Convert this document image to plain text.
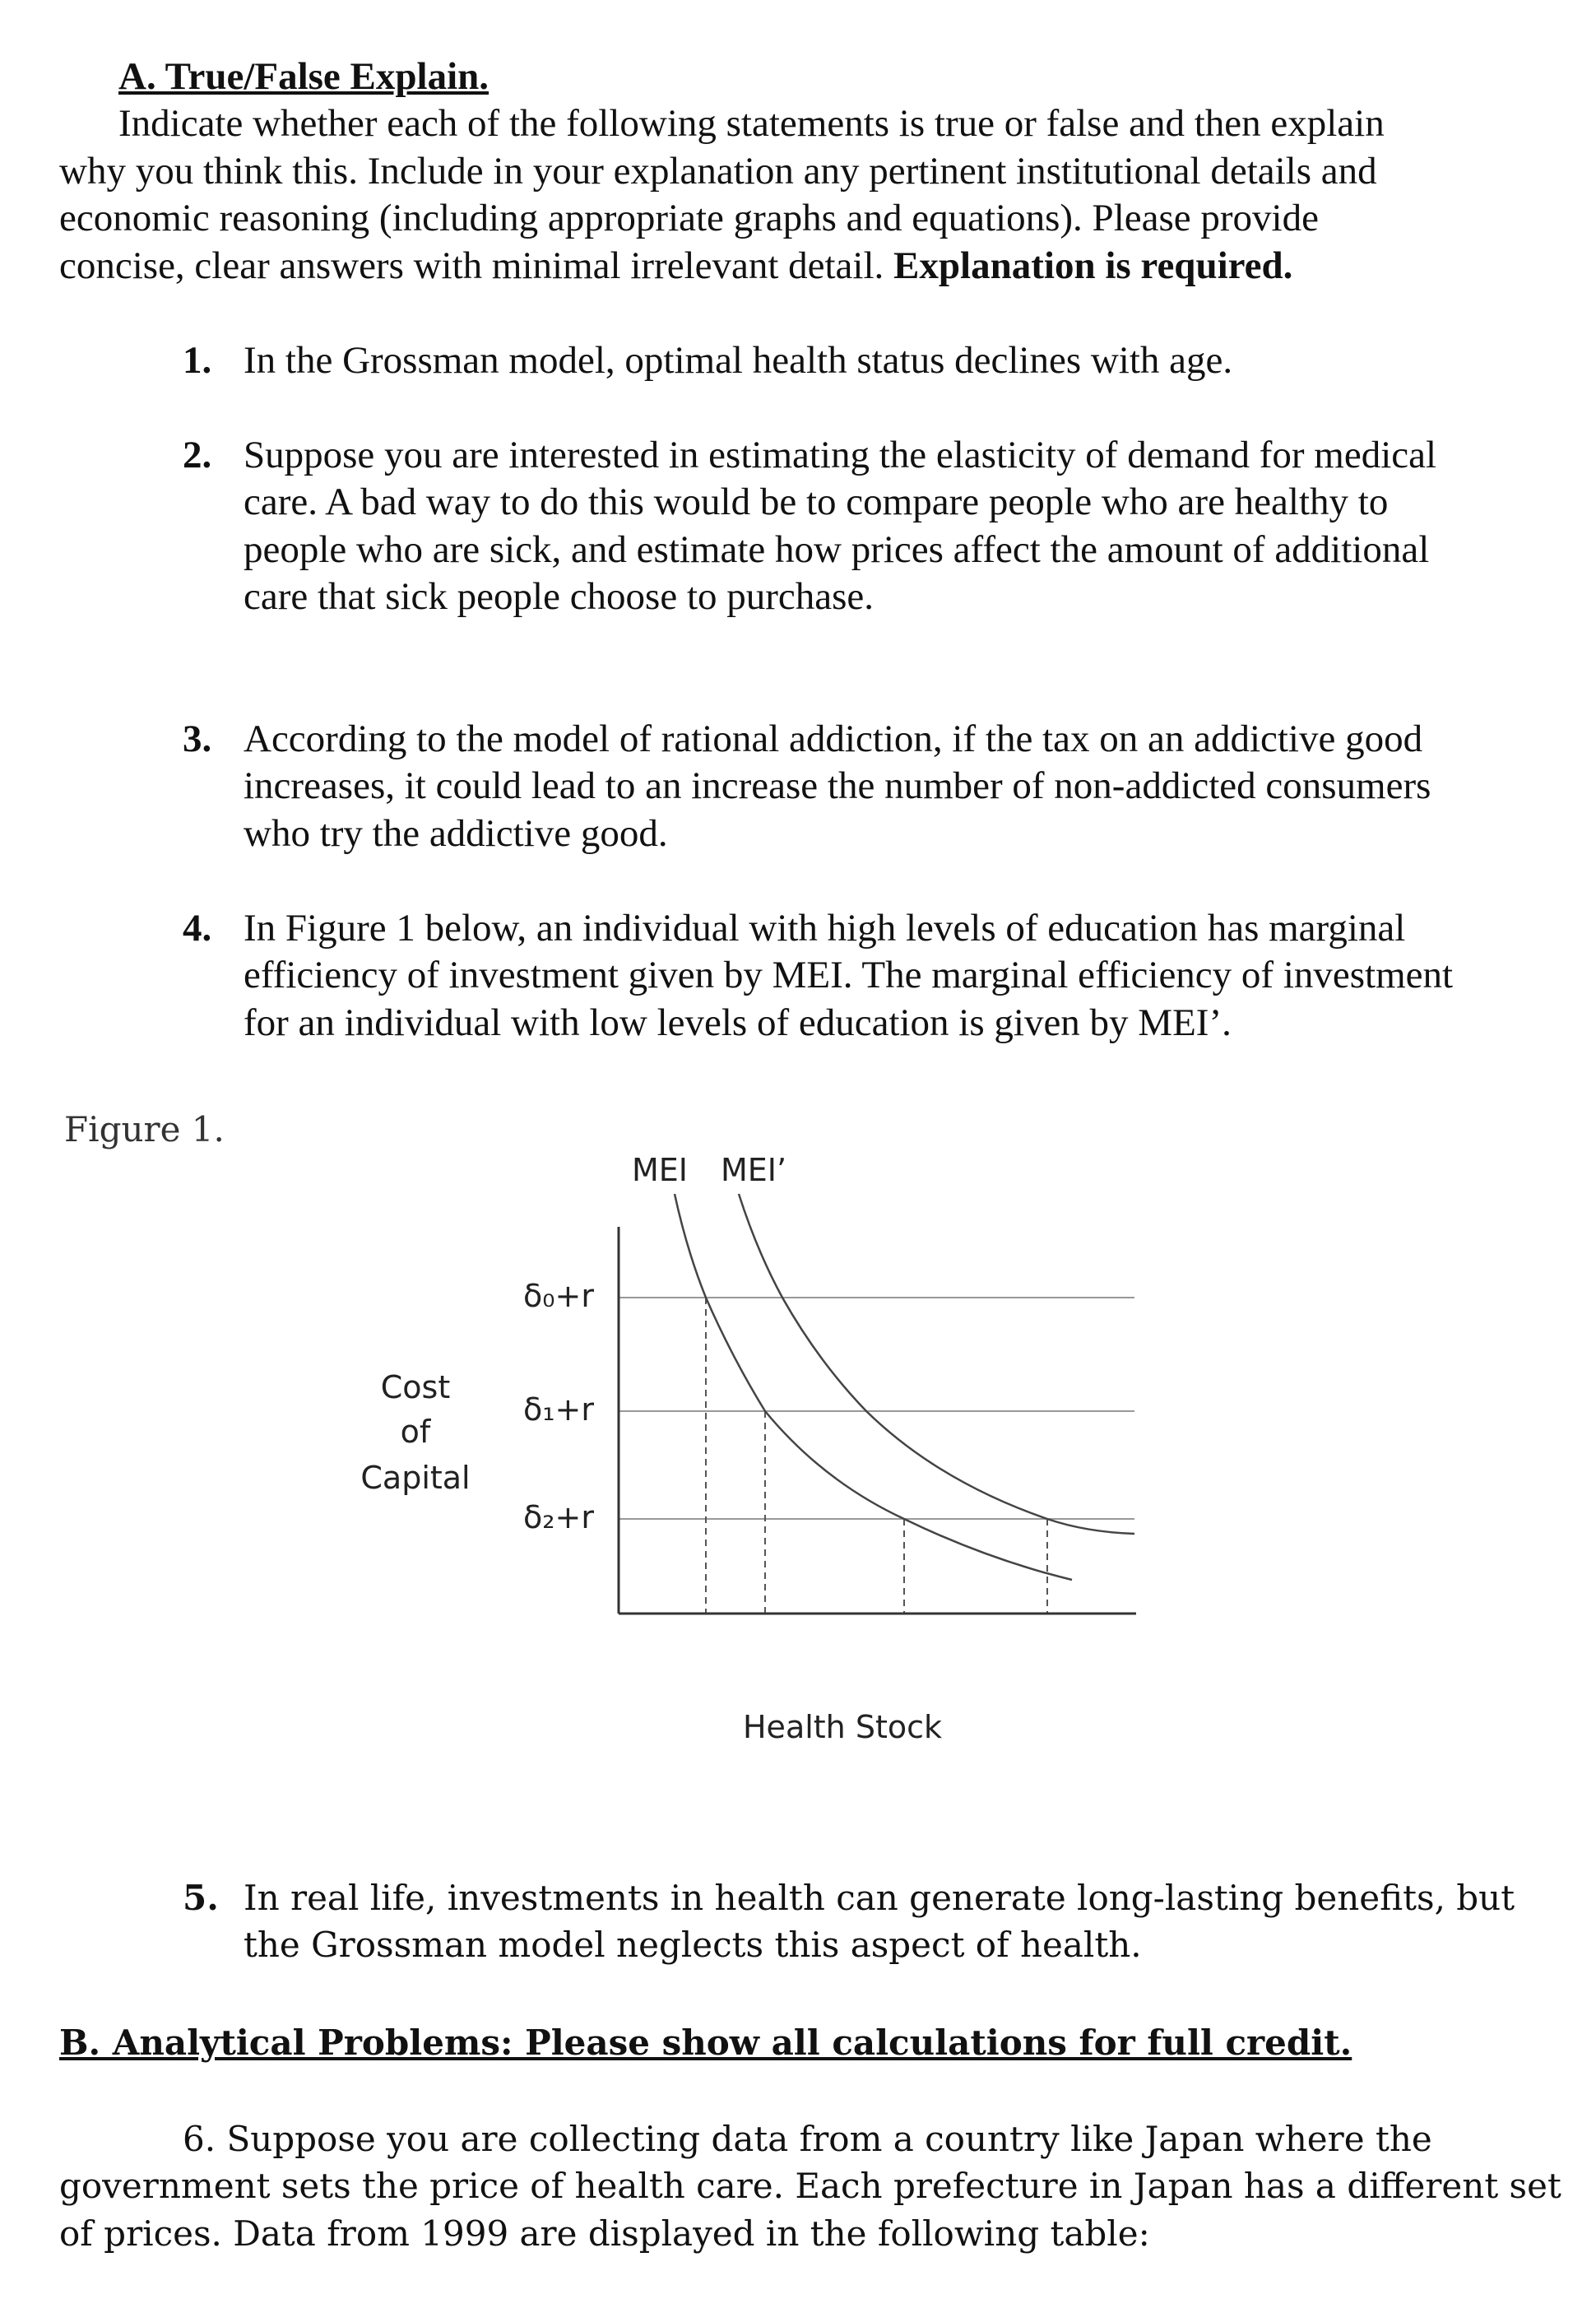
A. True/False Explain.
Indicate whether each of the following statements is true or false and then explain
why you think this. Include in your explanation any pertinent institutional details and
economic reasoning (including appropriate graphs and equations). Please provide
concise, clear answers with minimal irrelevant detail. Explanation is required.
1. In the Grossman model, optimal health status declines with age.
2. Suppose you are interested in estimating the elasticity of demand for medical
care. A bad way to do this would be to compare people who are healthy to
people who are sick, and estimate how prices affect the amount of additional
care that sick people choose to purchase.
3. According to the model of rational addiction, if the tax on an addictive good
increases, it could lead to an increase the number of non-addicted consumers
who try the addictive good.
4. In Figure 1 below, an individual with high levels of education has marginal
efficiency of investment given by MEI. The marginal efficiency of investment
for an individual with low levels of education is given by MEI’.
Figure 1.
MEI MEI’
δ₀+r
δ₁+r
δ₂+r
Cost
of
Capital
Health Stock
5. In real life, investments in health can generate long-lasting benefits, but
the Grossman model neglects this aspect of health.
B. Analytical Problems: Please show all calculations for full credit.
6. Suppose you are collecting data from a country like Japan where the
government sets the price of health care. Each prefecture in Japan has a different set
of prices. Data from 1999 are displayed in the following table:
